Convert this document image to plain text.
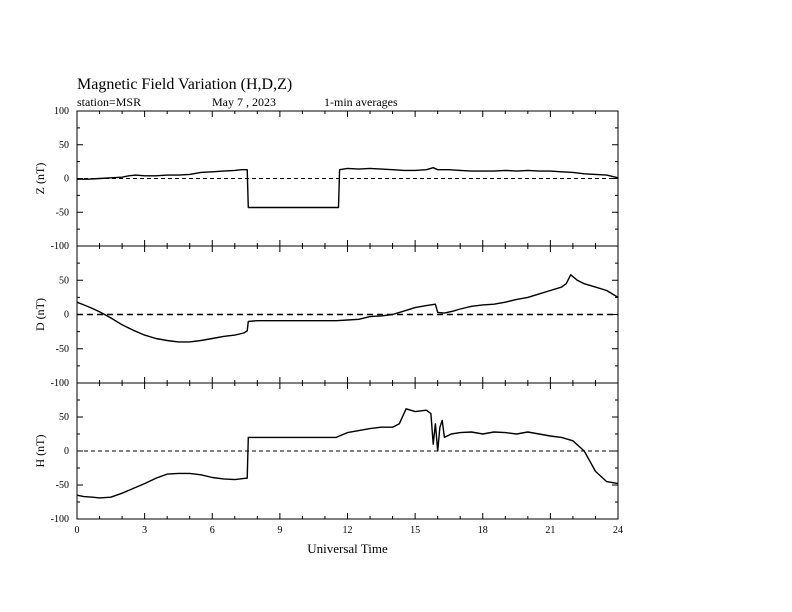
100
50
0
-50
-100
Z (nT)
50
0
-50
-100
D (nT)
50
0
-50
-100
H (nT)
0	3	6	9	12	15	18	21	24
Universal Time
Magnetic Field Variation (H,D,Z)
station=MSR	May 7 , 2023	1-min averages
